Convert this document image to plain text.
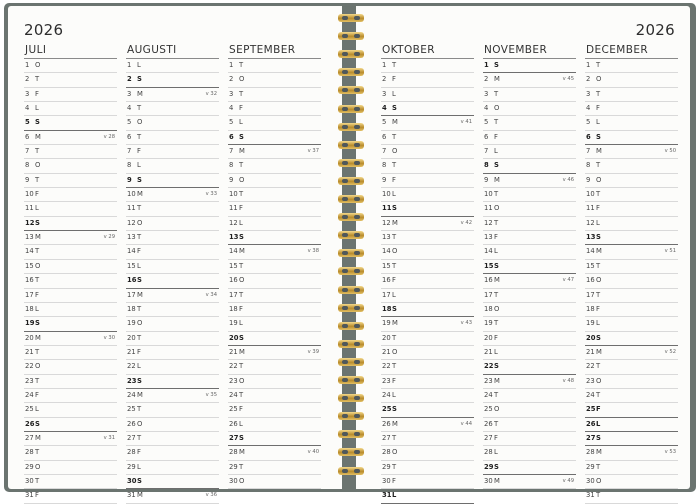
2026
JULI
1 O
2 T
3 F
4 L
5 S
6 M	v 28
7 T
8 O
9 T
10 F
11 L
12 S
13 M	v 29
14 T
15 O
16 T
17 F
18 L
19 S
20 M	v 30
21 T
22 O
23 T
24 F
25 L
26 S
27 M	v 31
28 T
29 O
30 T
31 F
AUGUSTI
1 L
2 S
3 M	v 32
4 T
5 O
6 T
7 F
8 L
9 S
10 M	v 33
11 T
12 O
13 T
14 F
15 L
16 S
17 M	v 34
18 T
19 O
20 T
21 F
22 L
23 S
24 M	v 35
25 T
26 O
27 T
28 F
29 L
30 S
31 M	v 36
SEPTEMBER
1 T
2 O
3 T
4 F
5 L
6 S
7 M	v 37
8 T
9 O
10 T
11 F
12 L
13 S
14 M	v 38
15 T
16 O
17 T
18 F
19 L
20 S
21 M	v 39
22 T
23 O
24 T
25 F
26 L
27 S
28 M	v 40
29 T
30 O
2026
OKTOBER
1 T
2 F
3 L
4 S
5 M	v 41
6 T
7 O
8 T
9 F
10 L
11 S
12 M	v 42
13 T
14 O
15 T
16 F
17 L
18 S
19 M	v 43
20 T
21 O
22 T
23 F
24 L
25 S
26 M	v 44
27 T
28 O
29 T
30 F
31 L
NOVEMBER
1 S
2 M	v 45
3 T
4 O
5 T
6 F
7 L
8 S
9 M	v 46
10 T
11 O
12 T
13 F
14 L
15 S
16 M	v 47
17 T
18 O
19 T
20 F
21 L
22 S
23 M	v 48
24 T
25 O
26 T
27 F
28 L
29 S
30 M	v 49
DECEMBER
1 T
2 O
3 T
4 F
5 L
6 S
7 M	v 50
8 T
9 O
10 T
11 F
12 L
13 S
14 M	v 51
15 T
16 O
17 T
18 F
19 L
20 S
21 M	v 52
22 T
23 O
24 T
25 F
26 L
27 S
28 M	v 53
29 T
30 O
31 T
